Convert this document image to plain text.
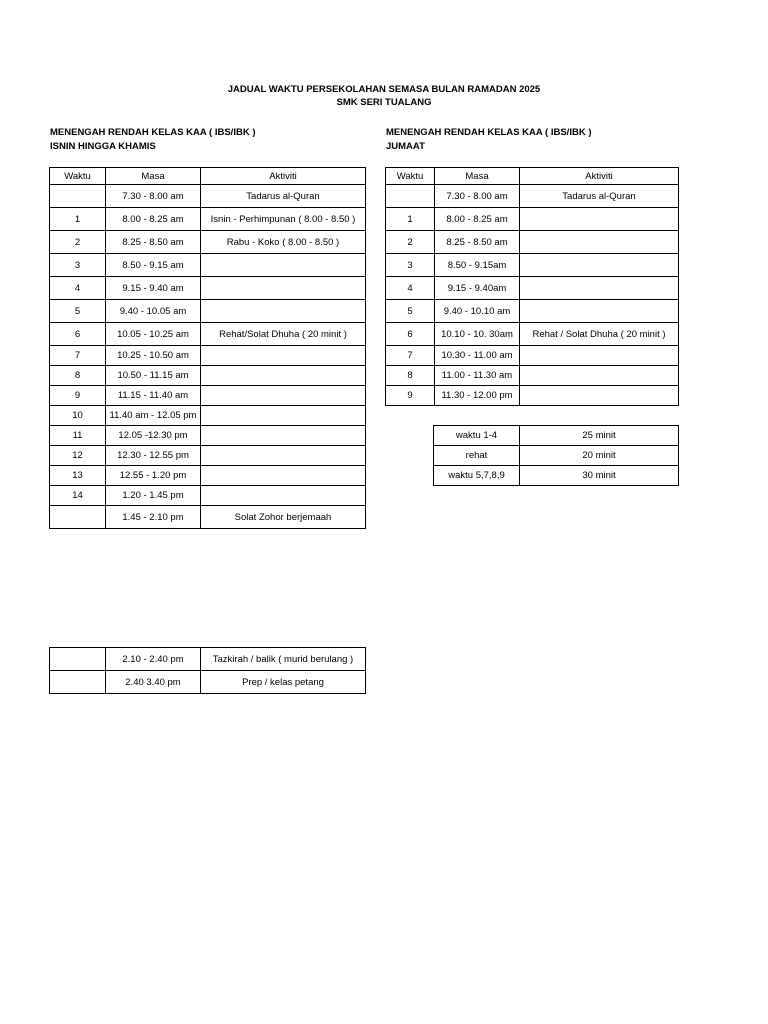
JADUAL WAKTU PERSEKOLAHAN SEMASA BULAN RAMADAN 2025
SMK SERI TUALANG
MENENGAH RENDAH KELAS KAA ( IBS/IBK )
ISNIN HINGGA KHAMIS
MENENGAH RENDAH KELAS KAA ( IBS/IBK )
JUMAAT
Waktu	Masa	Aktiviti
	7.30 - 8.00 am	Tadarus al-Quran
1	8.00 - 8.25 am	Isnin - Perhimpunan ( 8.00 - 8.50 )
2	8.25 - 8.50 am	Rabu - Koko ( 8.00 - 8.50 )
3	8.50 - 9.15 am	
4	9.15 - 9.40 am	
5	9.40 - 10.05 am	
6	10.05 - 10.25 am	Rehat/Solat Dhuha ( 20 minit )
7	10.25 - 10.50 am	
8	10.50 - 11.15 am	
9	11.15 - 11.40 am	
10	11.40 am - 12.05 pm	
11	12.05 -12.30 pm	
12	12.30 - 12.55 pm	
13	12.55 - 1.20 pm	
14	1.20 - 1.45 pm	
	1.45 - 2.10 pm	Solat Zohor berjemaah
	2.10 - 2.40 pm	Tazkirah / balik ( murid berulang )
	2.40 3.40 pm	Prep / kelas petang
Waktu	Masa	Aktiviti
	7.30 - 8.00 am	Tadarus al-Quran
1	8.00 - 8.25 am	
2	8.25 - 8.50 am	
3	8.50 - 9.15am	
4	9.15 - 9.40am	
5	9.40 - 10.10 am	
6	10.10 - 10. 30am	Rehat / Solat Dhuha ( 20 minit )
7	10.30 - 11.00 am	
8	11.00 - 11.30 am	
9	11.30 - 12.00 pm	
waktu 1-4	25 minit
rehat	20 minit
waktu 5,7,8,9	30 minit
